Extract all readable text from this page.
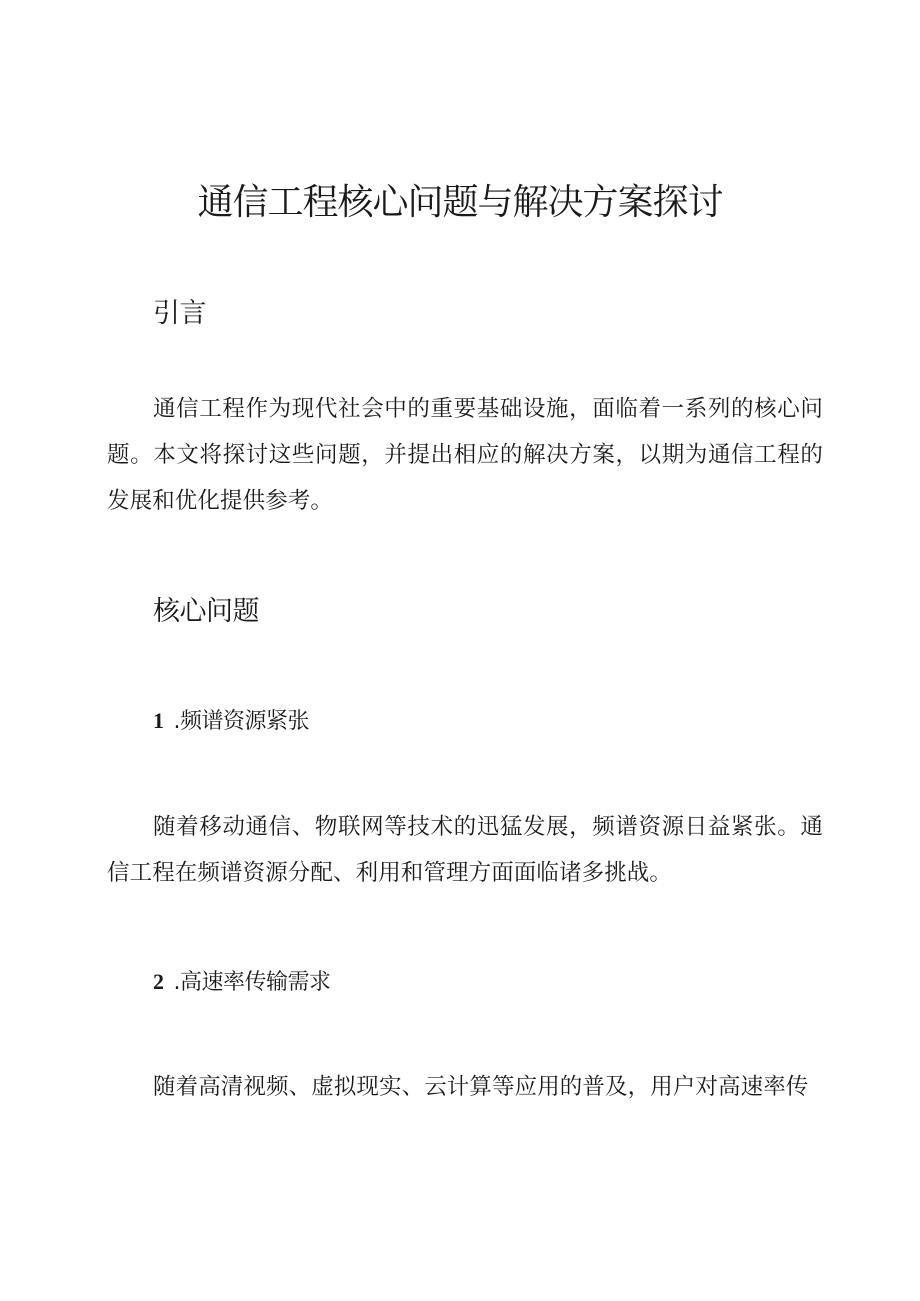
通信工程核心问题与解决方案探讨
引言

通信工程作为现代社会中的重要基础设施，面临着一系列的核心问题。本文将探讨这些问题，并提出相应的解决方案，以期为通信工程的发展和优化提供参考。

核心问题
1 .频谱资源紧张

随着移动通信、物联网等技术的迅猛发展，频谱资源日益紧张。通信工程在频谱资源分配、利用和管理方面面临诸多挑战。

2 .高速率传输需求

随着高清视频、虚拟现实、云计算等应用的普及，用户对高速率传
